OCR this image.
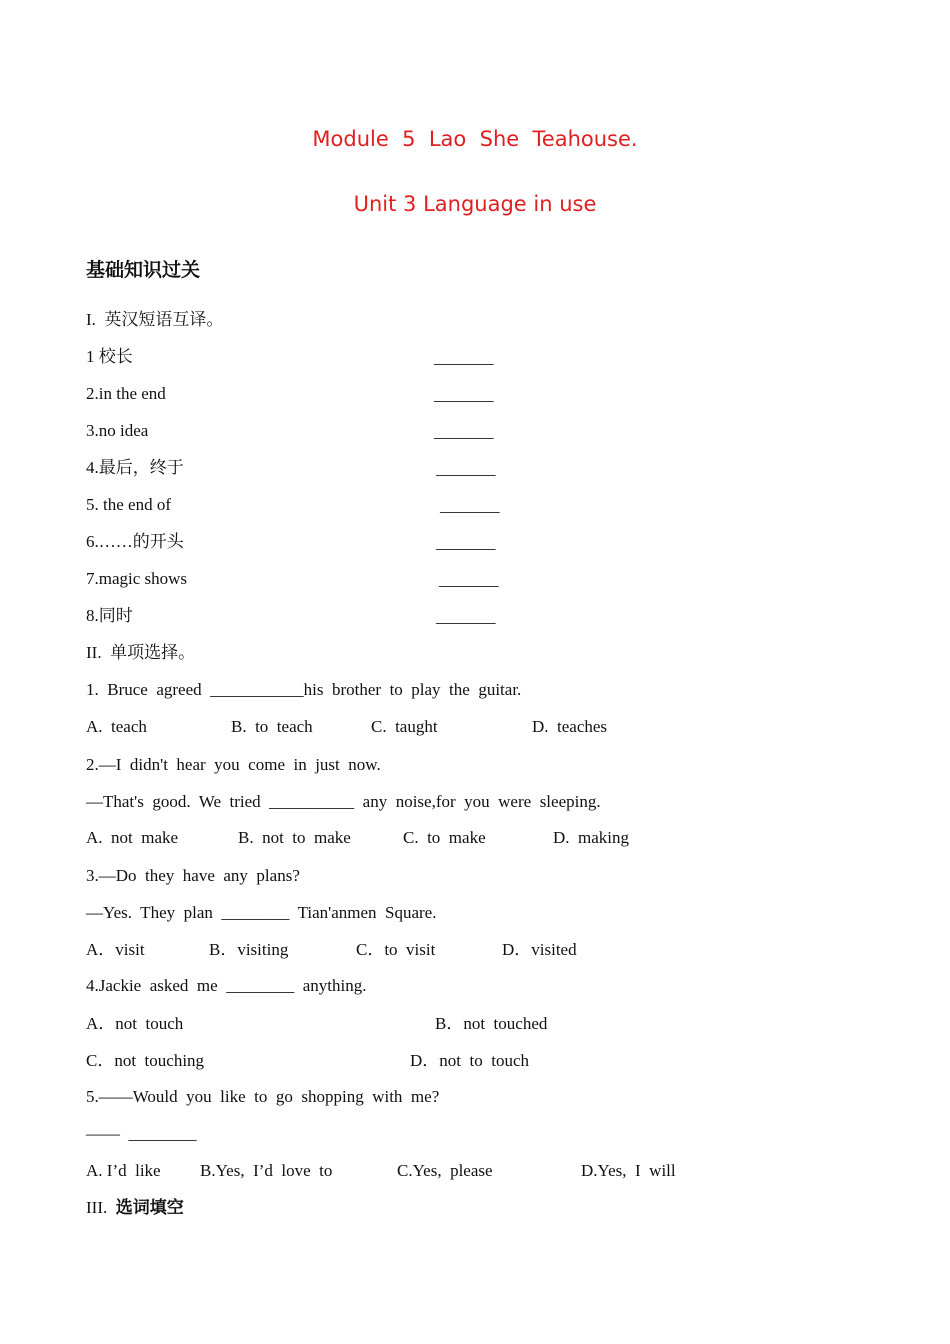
Module  5  Lao  She  Teahouse.
Unit 3 Language in use
基础知识过关
I.  英汉短语互译。
1 校长	_______
2.in the end	_______
3.no idea	_______
4.最后，终于	_______
5. the end of	_______
6.……的开头	_______
7.magic shows	_______
8.同时	_______
II.  单项选择。
1.  Bruce  agreed  ___________his  brother  to  play  the  guitar.
A.  teach	B.  to  teach	C.  taught	D.  teaches
2.—I  didn't  hear  you  come  in  just  now.
—That's  good.  We  tried  __________  any  noise,for  you  were  sleeping.
A.  not  make	B.  not  to  make	C.  to  make	D.  making
3.—Do  they  have  any  plans?
—Yes.  They  plan  ________  Tian'anmen  Square.
A．visit	B．visiting	C．to  visit	D．visited
4.Jackie  asked  me  ________  anything.
A．not  touch	B．not  touched
C．not  touching	D．not  to  touch
5.——Would  you  like  to  go  shopping  with  me?
——  ________
A. I’d  like B.Yes,  I’d  love  to	C.Yes,  please	D.Yes,  I  will
III.  选词填空
